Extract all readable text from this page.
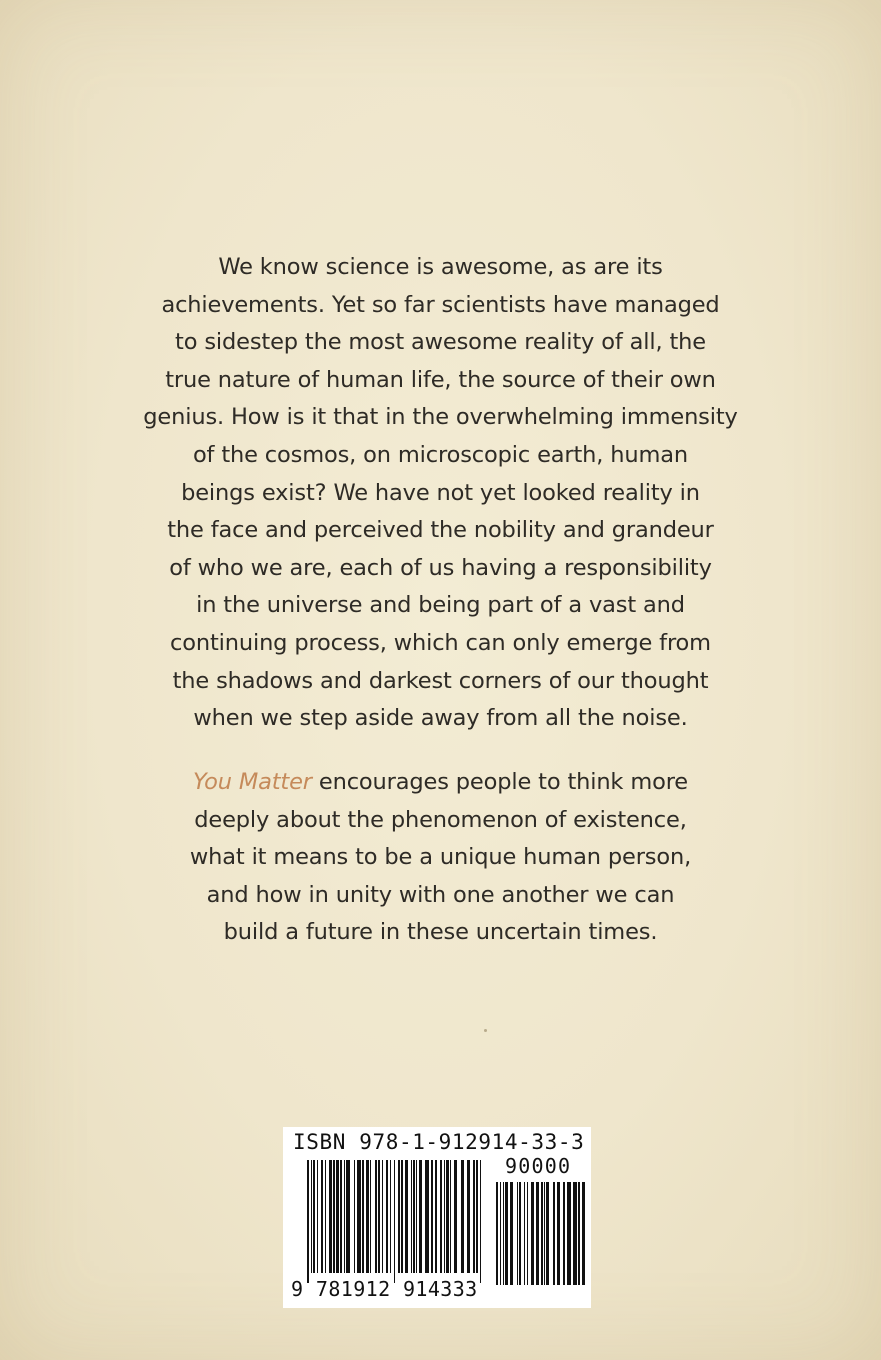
We know science is awesome, as are its
achievements. Yet so far scientists have managed
to sidestep the most awesome reality of all, the
true nature of human life, the source of their own
genius. How is it that in the overwhelming immensity
of the cosmos, on microscopic earth, human
beings exist? We have not yet looked reality in
the face and perceived the nobility and grandeur
of who we are, each of us having a responsibility
in the universe and being part of a vast and
continuing process, which can only emerge from
the shadows and darkest corners of our thought
when we step aside away from all the noise.

You Matter encourages people to think more
deeply about the phenomenon of existence,
what it means to be a unique human person,
and how in unity with one another we can
build a future in these uncertain times.

ISBN 978-1-912914-33-3
90000
9 781912 914333
